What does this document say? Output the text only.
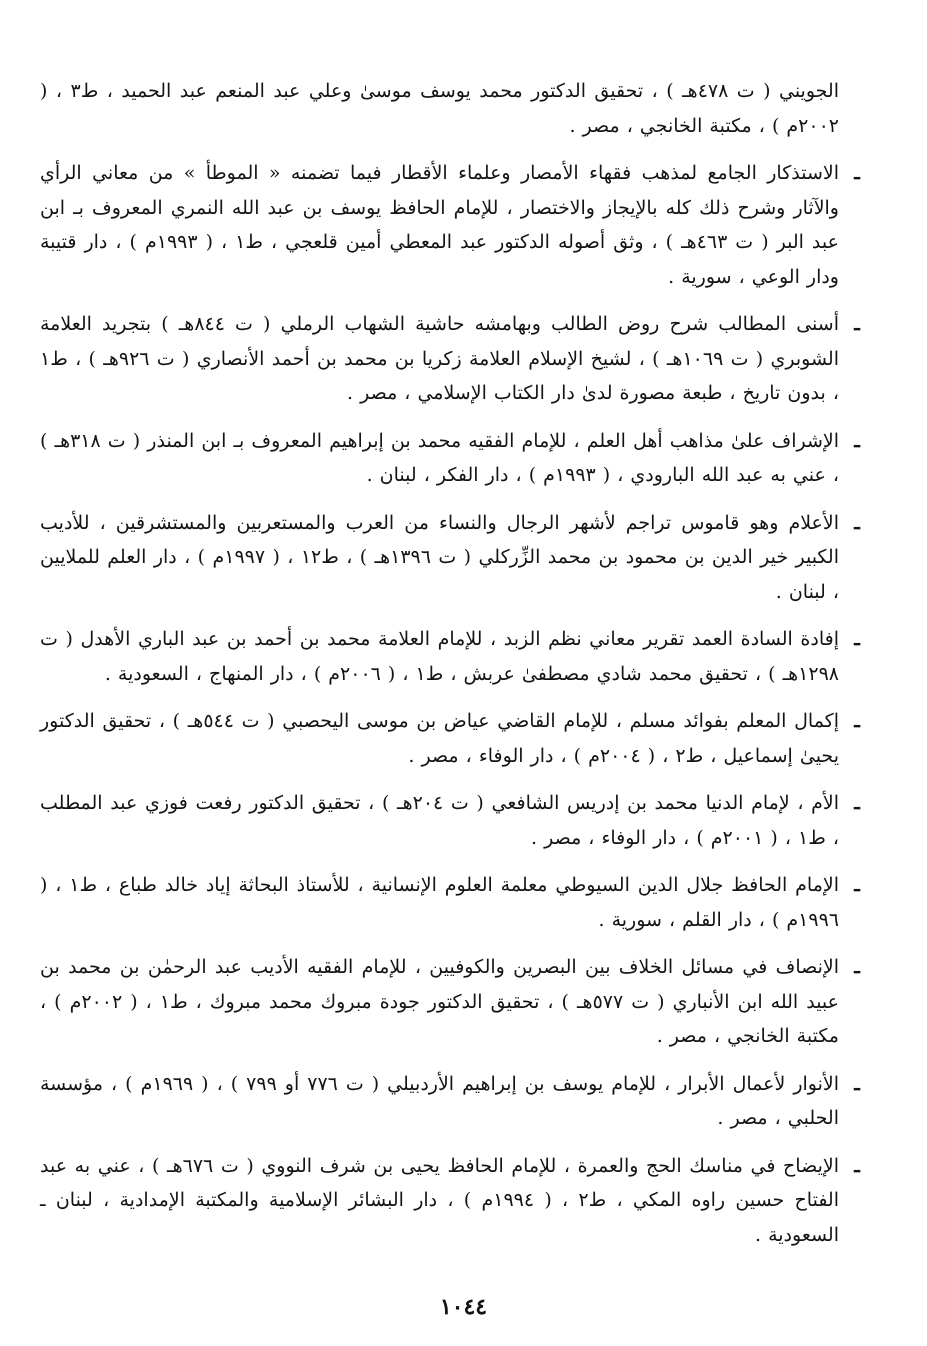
الجويني ( ت ٤٧٨هـ ) ، تحقيق الدكتور محمد يوسف موسىٰ وعلي عبد المنعم عبد الحميد ، ط٣ ، ( ٢٠٠٢م ) ، مكتبة الخانجي ، مصر .
ـ
الاستذكار الجامع لمذهب فقهاء الأمصار وعلماء الأقطار فيما تضمنه « الموطأ » من معاني الرأي والآثار وشرح ذلك كله بالإيجاز والاختصار ، للإمام الحافظ يوسف بن عبد الله النمري المعروف بـ ابن عبد البر ( ت ٤٦٣هـ ) ، وثق أصوله الدكتور عبد المعطي أمين قلعجي ، ط١ ، ( ١٩٩٣م ) ، دار قتيبة ودار الوعي ، سورية .
ـ
أسنى المطالب شرح روض الطالب وبهامشه حاشية الشهاب الرملي ( ت ٨٤٤هـ ) بتجريد العلامة الشوبري ( ت ١٠٦٩هـ ) ، لشيخ الإسلام العلامة زكريا بن محمد بن أحمد الأنصاري ( ت ٩٢٦هـ ) ، ط١ ، بدون تاريخ ، طبعة مصورة لدىٰ دار الكتاب الإسلامي ، مصر .
ـ
الإشراف علىٰ مذاهب أهل العلم ، للإمام الفقيه محمد بن إبراهيم المعروف بـ ابن المنذر ( ت ٣١٨هـ ) ، عني به عبد الله البارودي ، ( ١٩٩٣م ) ، دار الفكر ، لبنان .
ـ
الأعلام وهو قاموس تراجم لأشهر الرجال والنساء من العرب والمستعربين والمستشرقين ، للأديب الكبير خير الدين بن محمود بن محمد الزِّركلي ( ت ١٣٩٦هـ ) ، ط١٢ ، ( ١٩٩٧م ) ، دار العلم للملايين ، لبنان .
ـ
إفادة السادة العمد تقرير معاني نظم الزبد ، للإمام العلامة محمد بن أحمد بن عبد الباري الأهدل ( ت ١٢٩٨هـ ) ، تحقيق محمد شادي مصطفىٰ عربش ، ط١ ، ( ٢٠٠٦م ) ، دار المنهاج ، السعودية .
ـ
إكمال المعلم بفوائد مسلم ، للإمام القاضي عياض بن موسى اليحصبي ( ت ٥٤٤هـ ) ، تحقيق الدكتور يحيىٰ إسماعيل ، ط٢ ، ( ٢٠٠٤م ) ، دار الوفاء ، مصر .
ـ
الأم ، لإمام الدنيا محمد بن إدريس الشافعي ( ت ٢٠٤هـ ) ، تحقيق الدكتور رفعت فوزي عبد المطلب ، ط١ ، ( ٢٠٠١م ) ، دار الوفاء ، مصر .
ـ
الإمام الحافظ جلال الدين السيوطي معلمة العلوم الإنسانية ، للأستاذ البحاثة إياد خالد طباع ، ط١ ، ( ١٩٩٦م ) ، دار القلم ، سورية .
ـ
الإنصاف في مسائل الخلاف بين البصرين والكوفيين ، للإمام الفقيه الأديب عبد الرحمٰن بن محمد بن عبيد الله ابن الأنباري ( ت ٥٧٧هـ ) ، تحقيق الدكتور جودة مبروك محمد مبروك ، ط١ ، ( ٢٠٠٢م ) ، مكتبة الخانجي ، مصر .
ـ
الأنوار لأعمال الأبرار ، للإمام يوسف بن إبراهيم الأردبيلي ( ت ٧٧٦ أو ٧٩٩ ) ، ( ١٩٦٩م ) ، مؤسسة الحلبي ، مصر .
ـ
الإيضاح في مناسك الحج والعمرة ، للإمام الحافظ يحيى بن شرف النووي ( ت ٦٧٦هـ ) ، عني به عبد الفتاح حسين راوه المكي ، ط٢ ، ( ١٩٩٤م ) ، دار البشائر الإسلامية والمكتبة الإمدادية ، لبنان ـ السعودية .
١٠٤٤
